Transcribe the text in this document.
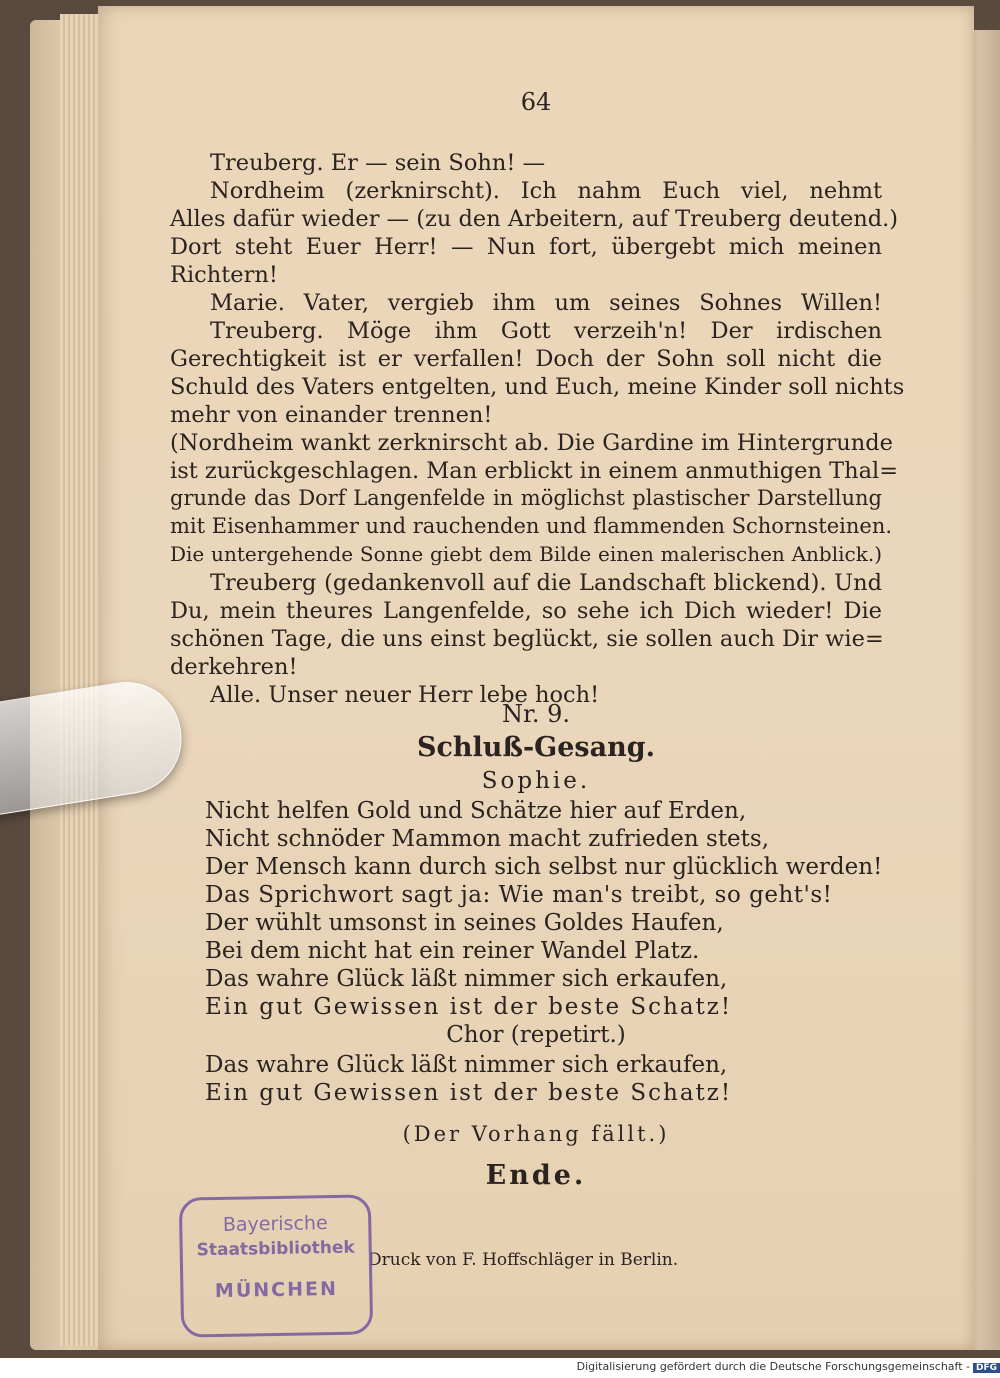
64
Treuberg. Er — sein Sohn! —
Nordheim (zerknirscht). Ich nahm Euch viel, nehmt
Alles dafür wieder — (zu den Arbeitern, auf Treuberg deutend.)
Dort steht Euer Herr! — Nun fort, übergebt mich meinen
Richtern!
Marie. Vater, vergieb ihm um seines Sohnes Willen!
Treuberg. Möge ihm Gott verzeih'n! Der irdischen
Gerechtigkeit ist er verfallen! Doch der Sohn soll nicht die
Schuld des Vaters entgelten, und Euch, meine Kinder soll nichts
mehr von einander trennen!
(Nordheim wankt zerknirscht ab. Die Gardine im Hintergrunde
ist zurückgeschlagen. Man erblickt in einem anmuthigen Thal=
grunde das Dorf Langenfelde in möglichst plastischer Darstellung
mit Eisenhammer und rauchenden und flammenden Schornsteinen.
Die untergehende Sonne giebt dem Bilde einen malerischen Anblick.)
Treuberg (gedankenvoll auf die Landschaft blickend). Und
Du, mein theures Langenfelde, so sehe ich Dich wieder! Die
schönen Tage, die uns einst beglückt, sie sollen auch Dir wie=
derkehren!
Alle. Unser neuer Herr lebe hoch!
Nr. 9.
Schluß-Gesang.
Sophie.
Nicht helfen Gold und Schätze hier auf Erden,
Nicht schnöder Mammon macht zufrieden stets,
Der Mensch kann durch sich selbst nur glücklich werden!
Das Sprichwort sagt ja: Wie man's treibt, so geht's!
Der wühlt umsonst in seines Goldes Haufen,
Bei dem nicht hat ein reiner Wandel Platz.
Das wahre Glück läßt nimmer sich erkaufen,
Ein gut Gewissen ist der beste Schatz!
Chor (repetirt.)
Das wahre Glück läßt nimmer sich erkaufen,
Ein gut Gewissen ist der beste Schatz!
(Der Vorhang fällt.)
Ende.
Druck von F. Hoffschläger in Berlin.
Bayerische
Staatsbibliothek
MÜNCHEN
Digitalisierung gefördert durch die Deutsche Forschungsgemeinschaft - DFG
